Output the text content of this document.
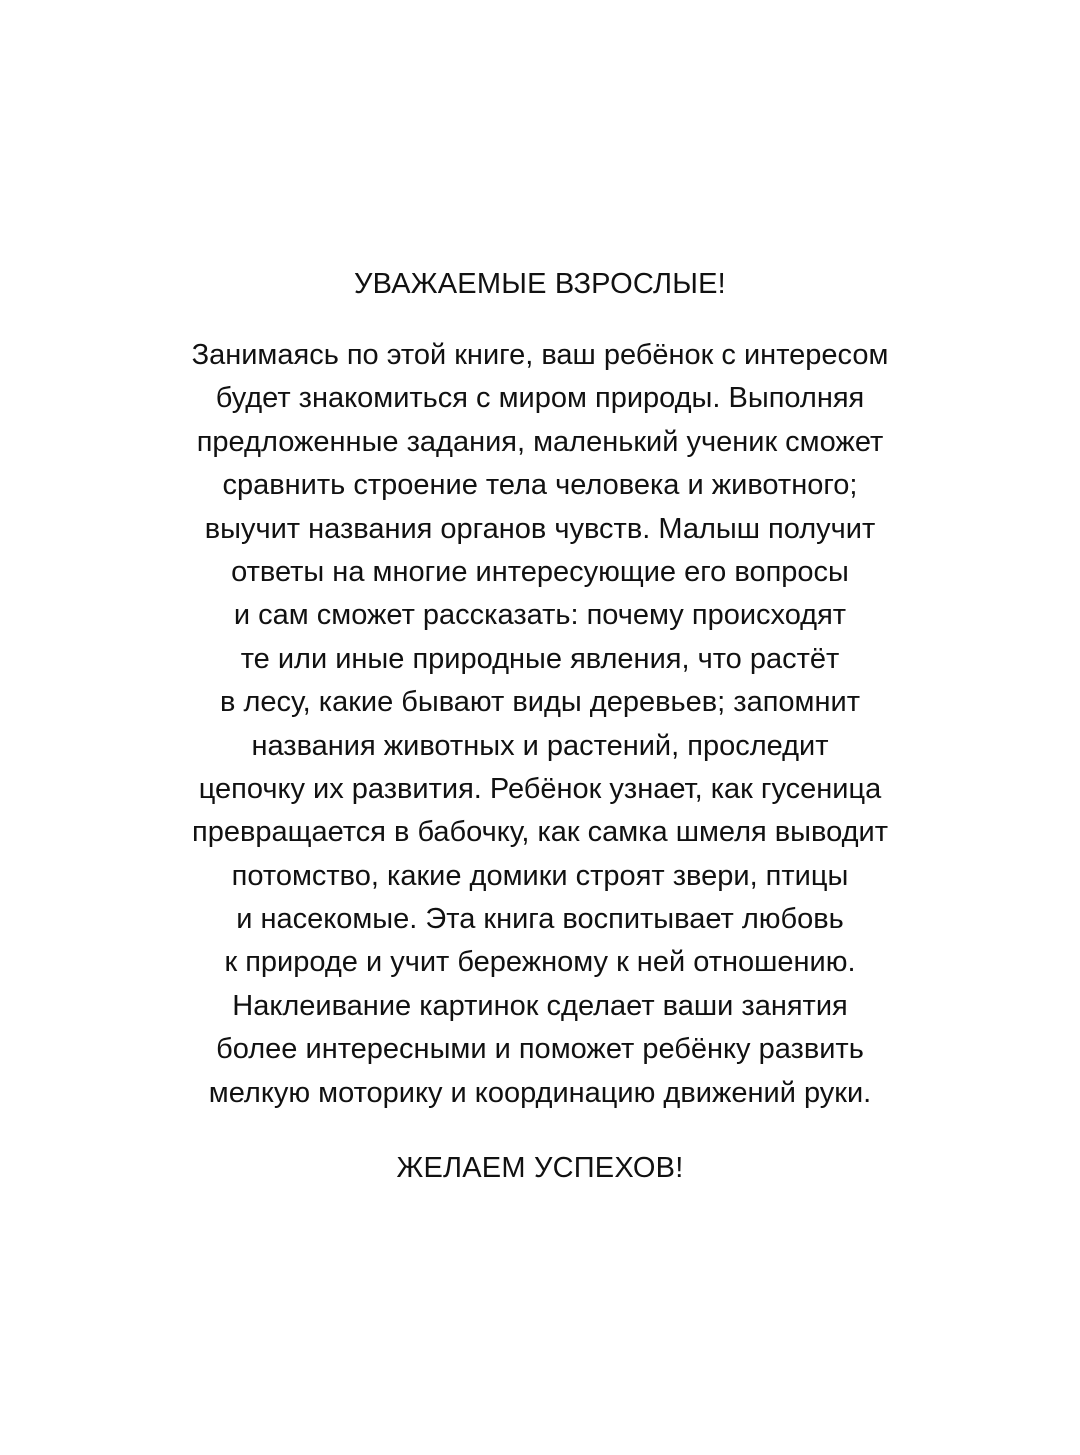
УВАЖАЕМЫЕ ВЗРОСЛЫЕ!
Занимаясь по этой книге, ваш ребёнок с интересом
будет знакомиться с миром природы. Выполняя
предложенные задания, маленький ученик сможет
сравнить строение тела человека и животного;
выучит названия органов чувств. Малыш получит
ответы на многие интересующие его вопросы
и сам сможет рассказать: почему происходят
те или иные природные явления, что растёт
в лесу, какие бывают виды деревьев; запомнит
названия животных и растений, проследит
цепочку их развития. Ребёнок узнает, как гусеница
превращается в бабочку, как самка шмеля выводит
потомство, какие домики строят звери, птицы
и насекомые. Эта книга воспитывает любовь
к природе и учит бережному к ней отношению.
Наклеивание картинок сделает ваши занятия
более интересными и поможет ребёнку развить
мелкую моторику и координацию движений руки.
ЖЕЛАЕМ УСПЕХОВ!
